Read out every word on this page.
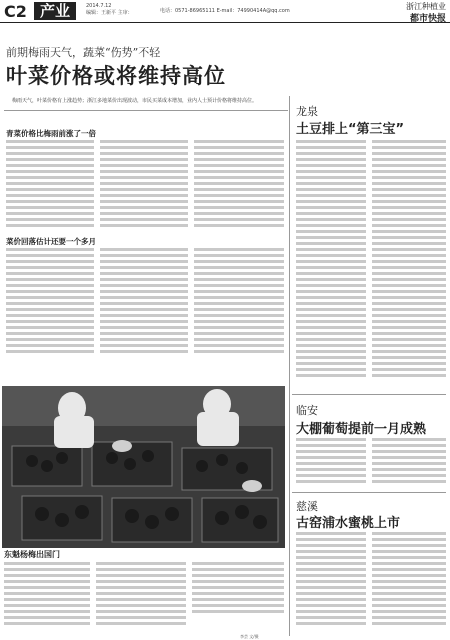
C2 产业	2014.7.12
编辑：王新平 主审：	电话：0571-86965111 E-mail：74990414A@qq.com	浙江种植业
都市快报
前期梅雨天气，蔬菜“伤势”不轻
叶菜价格或将维持高位
梅雨天气，叶菜价格有上涨趋势；浙江多地菜价出现波动，市民买菜成本增加，业内人士预计价格将维持高位。
青菜价格比梅雨前涨了一倍
菜价回落估计还要一个多月
龙泉
土豆排上“第三宝”
临安
大棚葡萄提前一月成熟
慈溪
古窑浦水蜜桃上市
东魁杨梅出国门
李芸 文/摄
